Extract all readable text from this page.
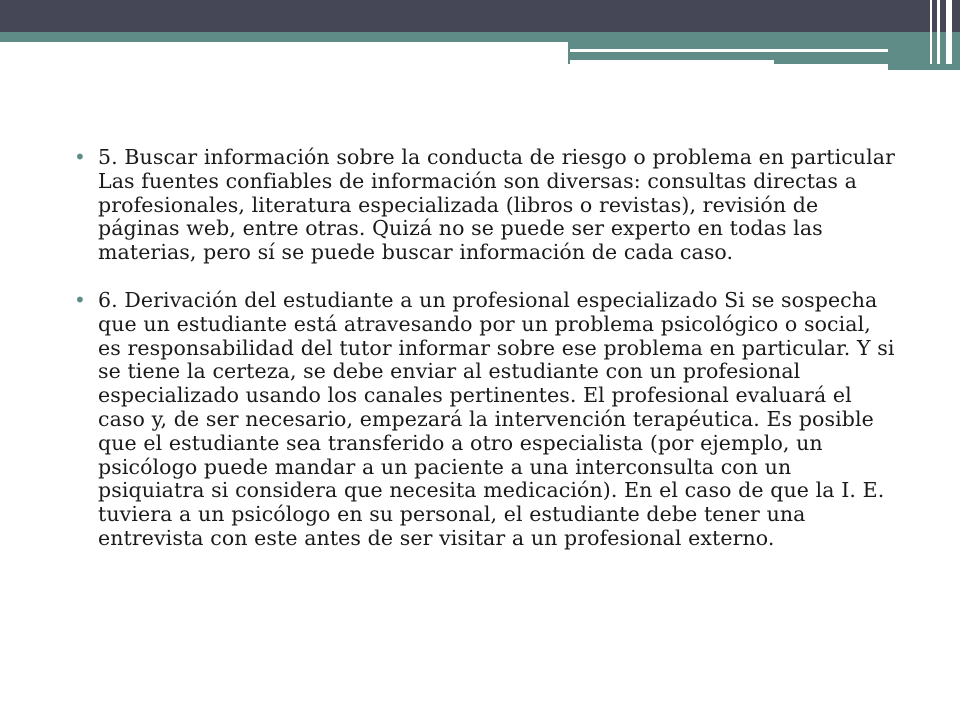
• 5. Buscar información sobre la conducta de riesgo o problema en particular Las fuentes confiables de información son diversas: consultas directas a profesionales, literatura especializada (libros o revistas), revisión de páginas web, entre otras. Quizá no se puede ser experto en todas las materias, pero sí se puede buscar información de cada caso.
• 6. Derivación del estudiante a un profesional especializado Si se sospecha que un estudiante está atravesando por un problema psicológico o social, es responsabilidad del tutor informar sobre ese problema en particular. Y si se tiene la certeza, se debe enviar al estudiante con un profesional especializado usando los canales pertinentes. El profesional evaluará el caso y, de ser necesario, empezará la intervención terapéutica. Es posible que el estudiante sea transferido a otro especialista (por ejemplo, un psicólogo puede mandar a un paciente a una interconsulta con un psiquiatra si considera que necesita medicación). En el caso de que la I. E. tuviera a un psicólogo en su personal, el estudiante debe tener una entrevista con este antes de ser visitar a un profesional externo.
